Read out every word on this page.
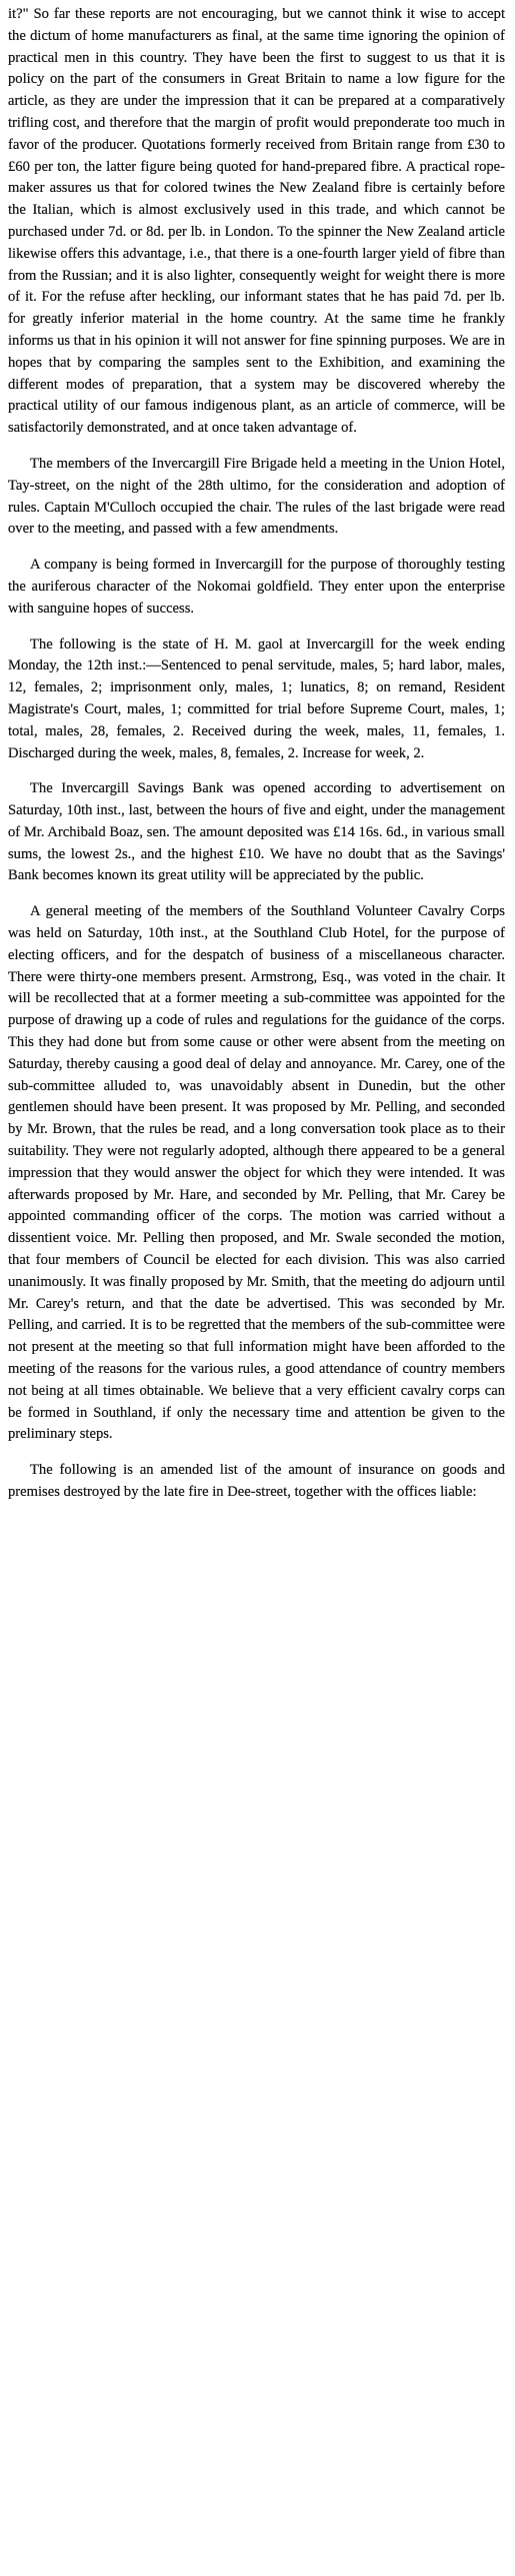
it?" So far these reports are not encouraging, but we cannot think it wise to accept the dictum of home manufacturers as final, at the same time ignoring the opinion of practical men in this country. They have been the first to suggest to us that it is policy on the part of the consumers in Great Britain to name a low figure for the article, as they are under the impression that it can be prepared at a comparatively trifling cost, and therefore that the margin of profit would preponderate too much in favor of the producer. Quotations formerly received from Britain range from £30 to £60 per ton, the latter figure being quoted for hand-prepared fibre. A practical rope-maker assures us that for colored twines the New Zealand fibre is certainly before the Italian, which is almost exclusively used in this trade, and which cannot be purchased under 7d. or 8d. per lb. in London. To the spinner the New Zealand article likewise offers this advantage, i.e., that there is a one-fourth larger yield of fibre than from the Russian; and it is also lighter, consequently weight for weight there is more of it. For the refuse after heckling, our informant states that he has paid 7d. per lb. for greatly inferior material in the home country. At the same time he frankly informs us that in his opinion it will not answer for fine spinning purposes. We are in hopes that by comparing the samples sent to the Exhibition, and examining the different modes of preparation, that a system may be discovered whereby the practical utility of our famous indigenous plant, as an article of commerce, will be satisfactorily demonstrated, and at once taken advantage of.

The members of the Invercargill Fire Brigade held a meeting in the Union Hotel, Tay-street, on the night of the 28th ultimo, for the consideration and adoption of rules. Captain M'Culloch occupied the chair. The rules of the last brigade were read over to the meeting, and passed with a few amendments.

A company is being formed in Invercargill for the purpose of thoroughly testing the auriferous character of the Nokomai goldfield. They enter upon the enterprise with sanguine hopes of success.

The following is the state of H. M. gaol at Invercargill for the week ending Monday, the 12th inst.:—Sentenced to penal servitude, males, 5; hard labor, males, 12, females, 2; imprisonment only, males, 1; lunatics, 8; on remand, Resident Magistrate's Court, males, 1; committed for trial before Supreme Court, males, 1; total, males, 28, females, 2. Received during the week, males, 11, females, 1. Discharged during the week, males, 8, females, 2. Increase for week, 2.

The Invercargill Savings Bank was opened according to advertisement on Saturday, 10th inst., last, between the hours of five and eight, under the management of Mr. Archibald Boaz, sen. The amount deposited was £14 16s. 6d., in various small sums, the lowest 2s., and the highest £10. We have no doubt that as the Savings' Bank becomes known its great utility will be appreciated by the public.

A general meeting of the members of the Southland Volunteer Cavalry Corps was held on Saturday, 10th inst., at the Southland Club Hotel, for the purpose of electing officers, and for the despatch of business of a miscellaneous character. There were thirty-one members present. Armstrong, Esq., was voted in the chair. It will be recollected that at a former meeting a sub-committee was appointed for the purpose of drawing up a code of rules and regulations for the guidance of the corps. This they had done but from some cause or other were absent from the meeting on Saturday, thereby causing a good deal of delay and annoyance. Mr. Carey, one of the sub-committee alluded to, was unavoidably absent in Dunedin, but the other gentlemen should have been present. It was proposed by Mr. Pelling, and seconded by Mr. Brown, that the rules be read, and a long conversation took place as to their suitability. They were not regularly adopted, although there appeared to be a general impression that they would answer the object for which they were intended. It was afterwards proposed by Mr. Hare, and seconded by Mr. Pelling, that Mr. Carey be appointed commanding officer of the corps. The motion was carried without a dissentient voice. Mr. Pelling then proposed, and Mr. Swale seconded the motion, that four members of Council be elected for each division. This was also carried unanimously. It was finally proposed by Mr. Smith, that the meeting do adjourn until Mr. Carey's return, and that the date be advertised. This was seconded by Mr. Pelling, and carried. It is to be regretted that the members of the sub-committee were not present at the meeting so that full information might have been afforded to the meeting of the reasons for the various rules, a good attendance of country members not being at all times obtainable. We believe that a very efficient cavalry corps can be formed in Southland, if only the necessary time and attention be given to the preliminary steps.

The following is an amended list of the amount of insurance on goods and premises destroyed by the late fire in Dee-street, together with the offices liable:
